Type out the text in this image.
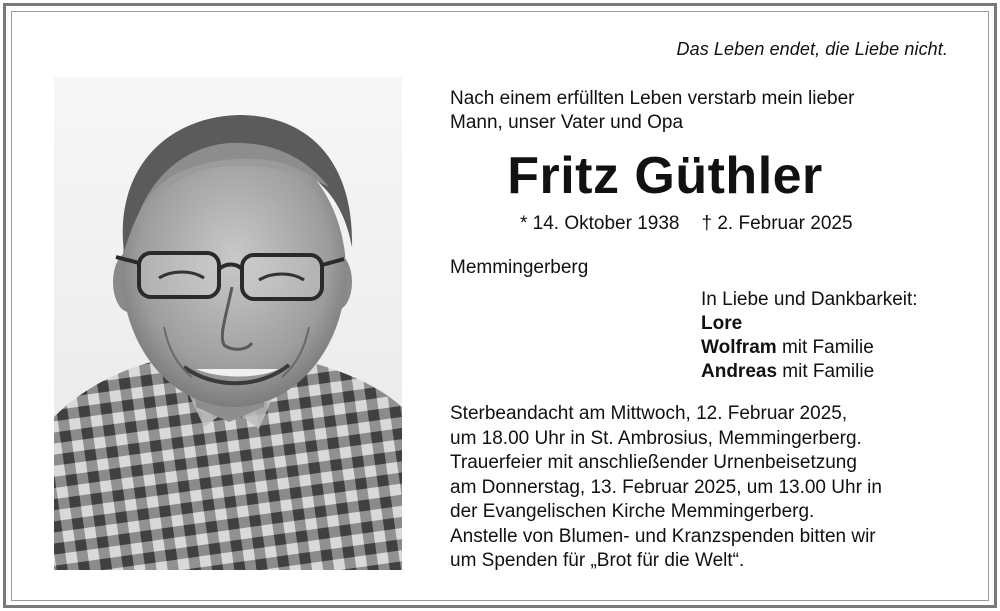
Das Leben endet, die Liebe nicht.
Nach einem erfüllten Leben verstarb mein lieber
Mann, unser Vater und Opa
Fritz Güthler
* 14. Oktober 1938 † 2. Februar 2025
Memmingerberg
In Liebe und Dankbarkeit:
Lore
Wolfram mit Familie
Andreas mit Familie
Sterbeandacht am Mittwoch, 12. Februar 2025,
um 18.00 Uhr in St. Ambrosius, Memmingerberg.
Trauerfeier mit anschließender Urnenbeisetzung
am Donnerstag, 13. Februar 2025, um 13.00 Uhr in
der Evangelischen Kirche Memmingerberg.
Anstelle von Blumen- und Kranzspenden bitten wir
um Spenden für „Brot für die Welt“.
